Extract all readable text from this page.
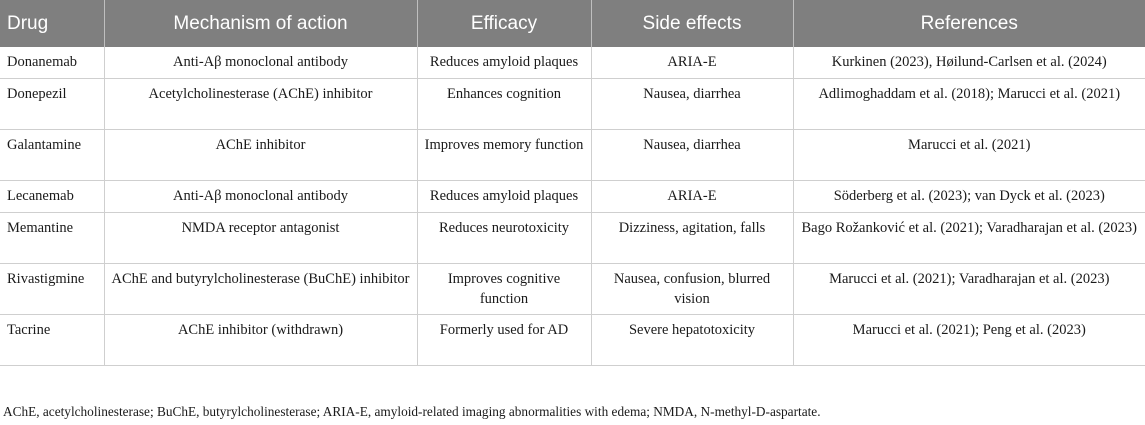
Drug	Mechanism of action	Efficacy	Side effects	References
Donanemab	Anti-Aβ monoclonal antibody	Reduces amyloid plaques	ARIA-E	Kurkinen (2023), Høilund-Carlsen et al. (2024)
Donepezil	Acetylcholinesterase (AChE) inhibitor	Enhances cognition	Nausea, diarrhea	Adlimoghaddam et al. (2018); Marucci et al. (2021)
Galantamine	AChE inhibitor	Improves memory function	Nausea, diarrhea	Marucci et al. (2021)
Lecanemab	Anti-Aβ monoclonal antibody	Reduces amyloid plaques	ARIA-E	Söderberg et al. (2023); van Dyck et al. (2023)
Memantine	NMDA receptor antagonist	Reduces neurotoxicity	Dizziness, agitation, falls	Bago Rožanković et al. (2021); Varadharajan et al. (2023)
Rivastigmine	AChE and butyrylcholinesterase (BuChE) inhibitor	Improves cognitive function	Nausea, confusion, blurred vision	Marucci et al. (2021); Varadharajan et al. (2023)
Tacrine	AChE inhibitor (withdrawn)	Formerly used for AD	Severe hepatotoxicity	Marucci et al. (2021); Peng et al. (2023)
AChE, acetylcholinesterase; BuChE, butyrylcholinesterase; ARIA-E, amyloid-related imaging abnormalities with edema; NMDA, N-methyl-D-aspartate.
